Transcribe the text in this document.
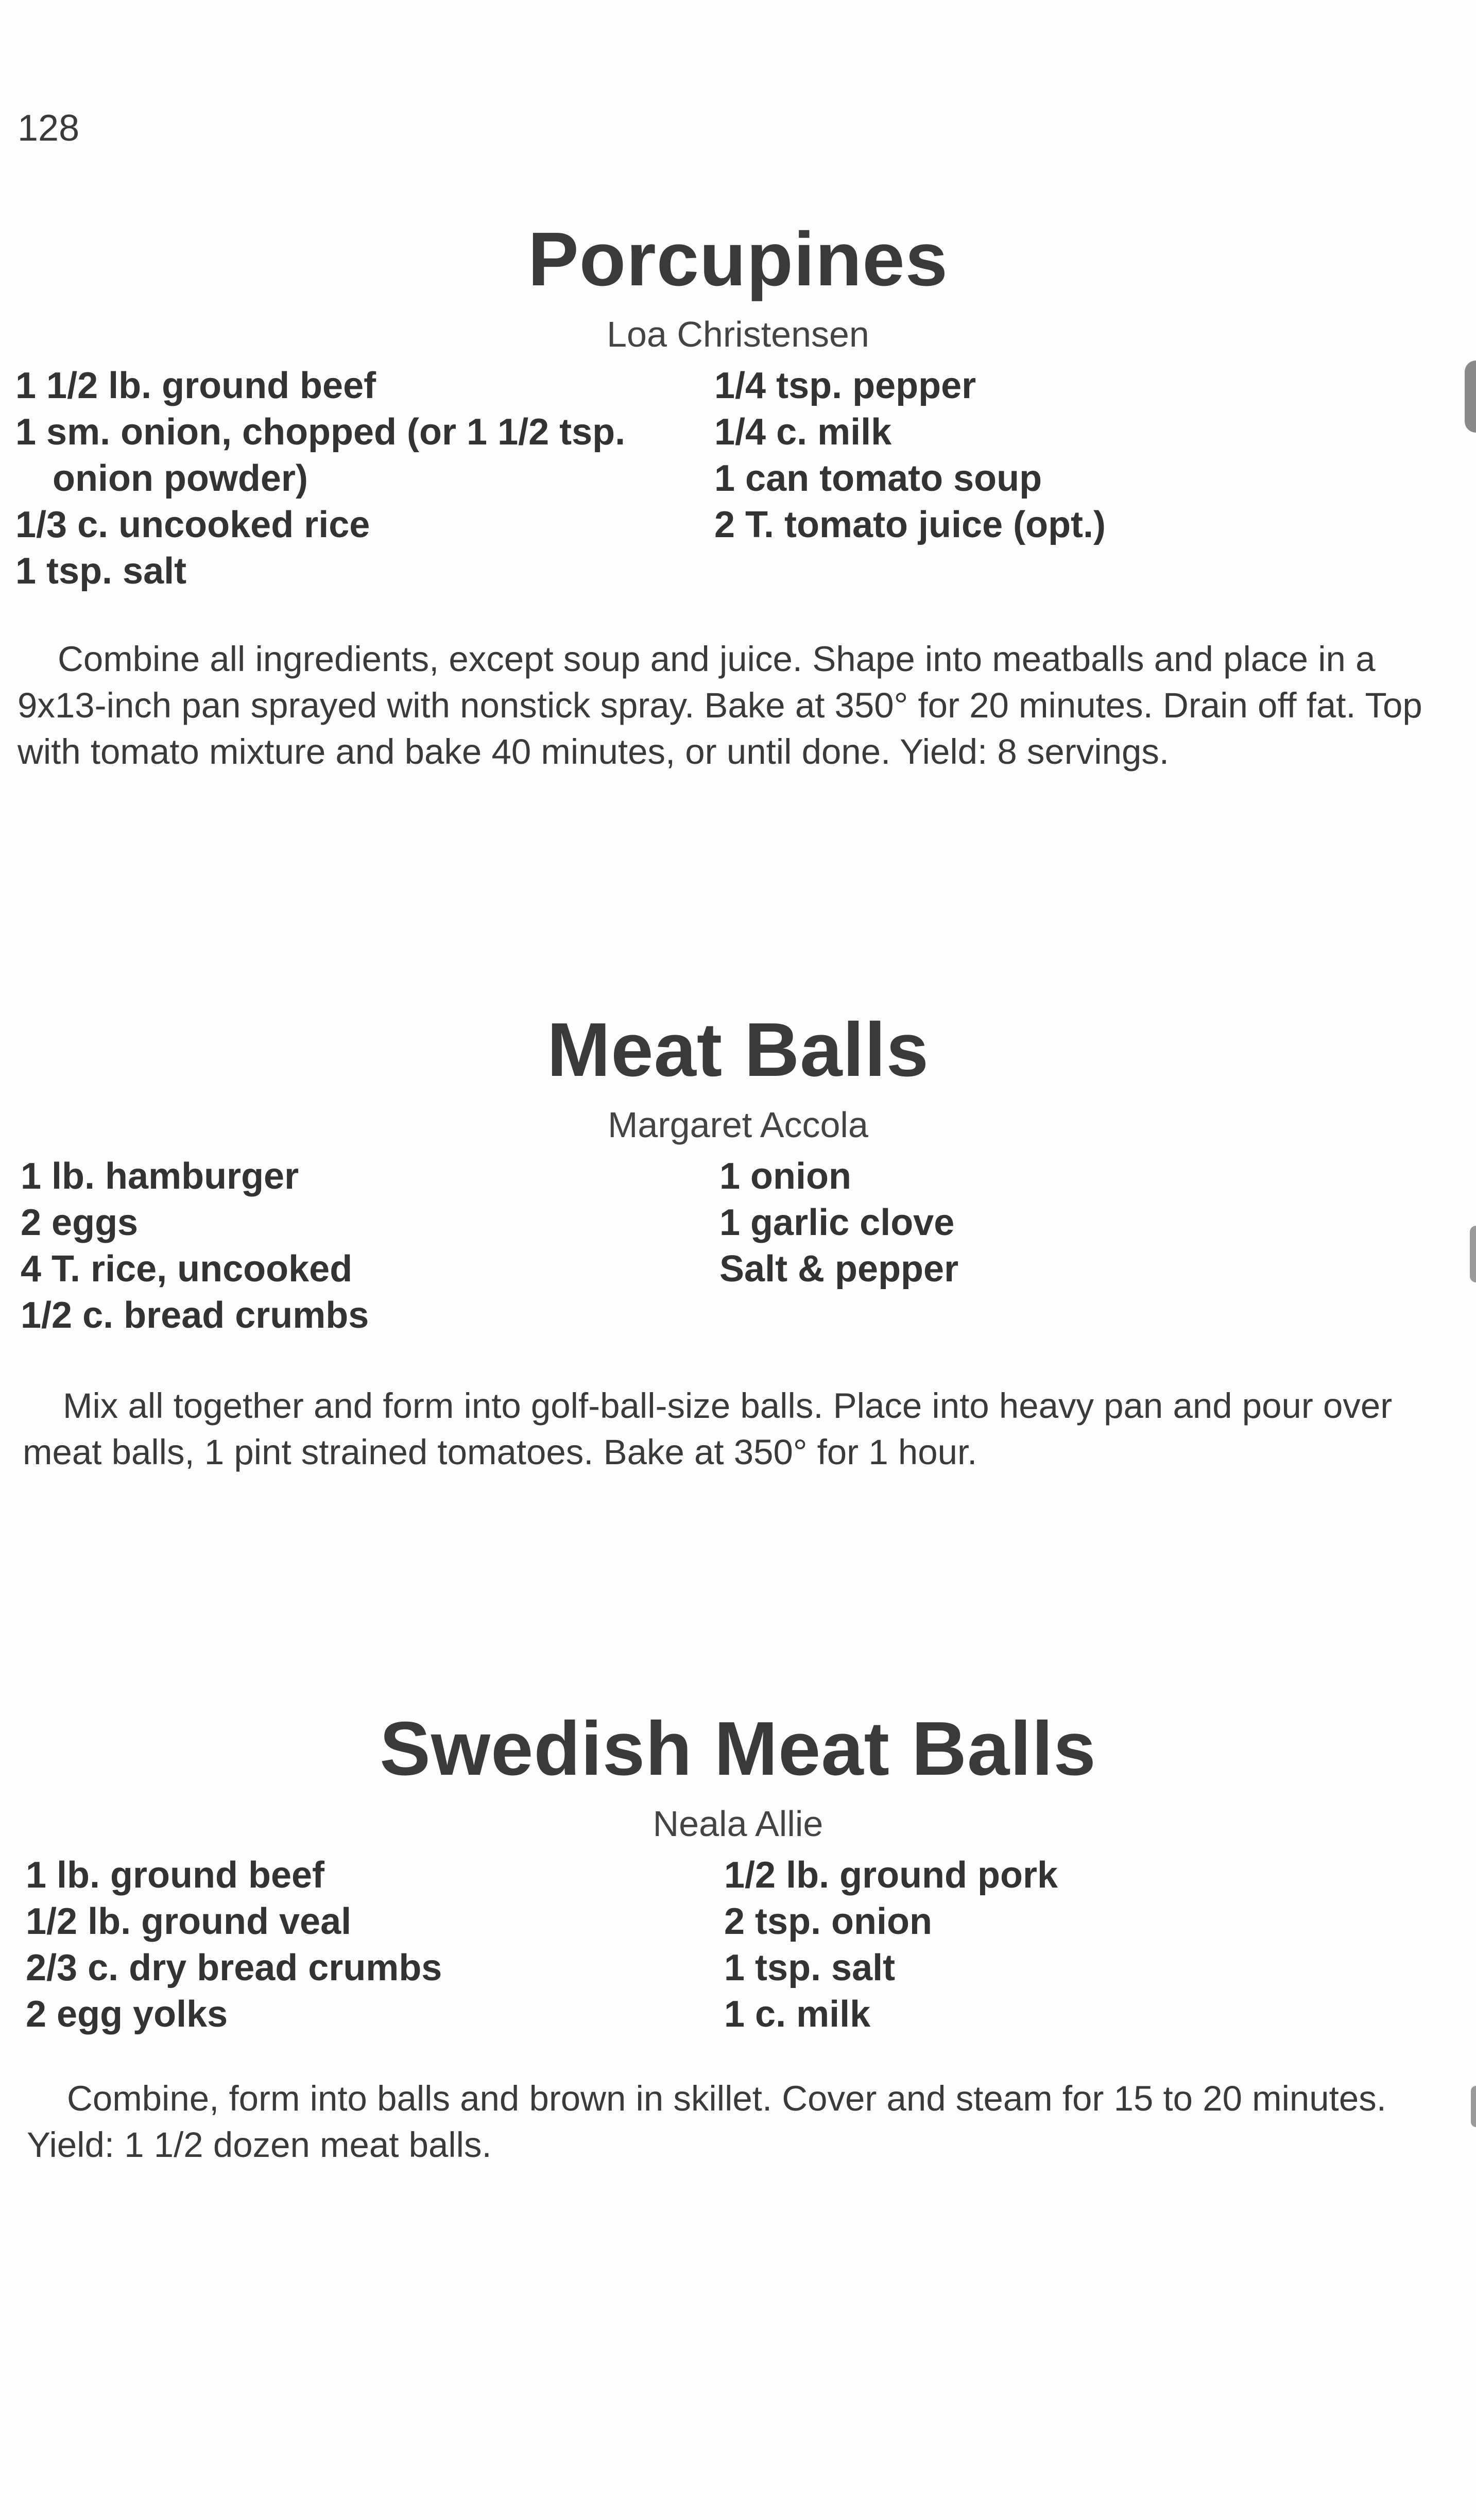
128
Porcupines
Loa Christensen
1 1/2 lb. ground beef
1 sm. onion, chopped (or 1 1/2 tsp.
onion powder)
1/3 c. uncooked rice
1 tsp. salt
1/4 tsp. pepper
1/4 c. milk
1 can tomato soup
2 T. tomato juice (opt.)

Combine all ingredients, except soup and juice. Shape into meatballs and place in a 9x13-inch pan sprayed with nonstick spray. Bake at 350° for 20 minutes. Drain off fat. Top with tomato mixture and bake 40 minutes, or until done. Yield: 8 servings.

Meat Balls
Margaret Accola
1 lb. hamburger
2 eggs
4 T. rice, uncooked
1/2 c. bread crumbs
1 onion
1 garlic clove
Salt & pepper

Mix all together and form into golf-ball-size balls. Place into heavy pan and pour over meat balls, 1 pint strained tomatoes. Bake at 350° for 1 hour.

Swedish Meat Balls
Neala Allie
1 lb. ground beef
1/2 lb. ground veal
2/3 c. dry bread crumbs
2 egg yolks
1/2 lb. ground pork
2 tsp. onion
1 tsp. salt
1 c. milk

Combine, form into balls and brown in skillet. Cover and steam for 15 to 20 minutes. Yield: 1 1/2 dozen meat balls.
